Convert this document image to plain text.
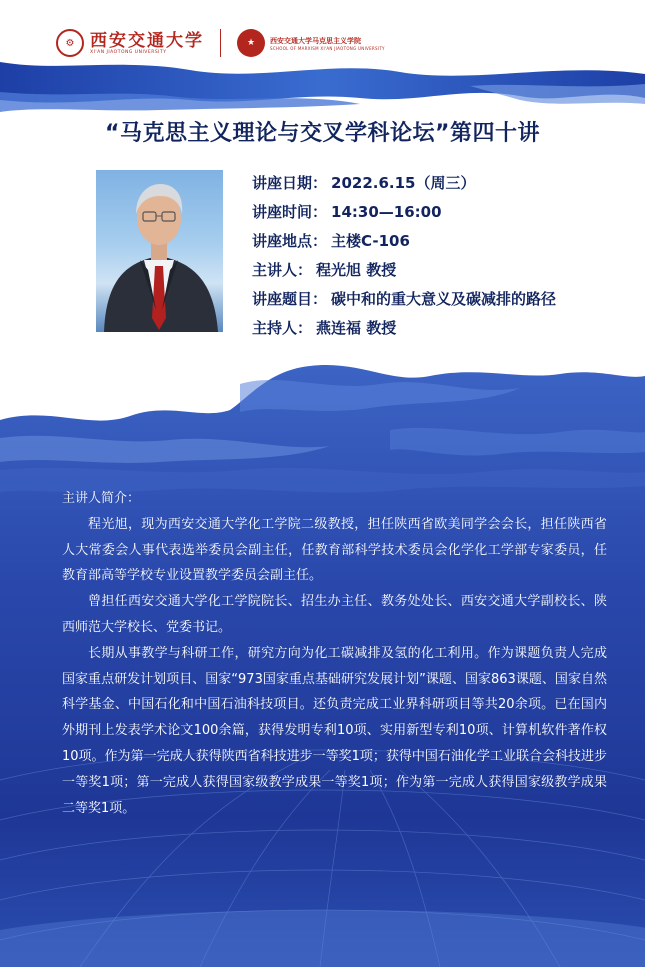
⚙ 西安交通大学
XI'AN JIAOTONG UNIVERSITY
★	西安交通大学马克思主义学院
SCHOOL OF MARXISM XI'AN JIAOTONG UNIVERSITY
“马克思主义理论与交叉学科论坛”第四十讲
讲座日期： 2022.6.15（周三）
讲座时间： 14:30—16:00
讲座地点： 主楼C-106
主讲人： 程光旭 教授
讲座题目： 碳中和的重大意义及碳减排的路径
主持人： 燕连福 教授

主讲人简介：

程光旭，现为西安交通大学化工学院二级教授，担任陕西省欧美同学会会长，担任陕西省人大常委会人事代表选举委员会副主任，任教育部科学技术委员会化学化工学部专家委员，任教育部高等学校专业设置教学委员会副主任。

曾担任西安交通大学化工学院院长、招生办主任、教务处处长、西安交通大学副校长、陕西师范大学校长、党委书记。

长期从事教学与科研工作，研究方向为化工碳减排及氢的化工利用。作为课题负责人完成国家重点研发计划项目、国家“973国家重点基础研究发展计划”课题、国家863课题、国家自然科学基金、中国石化和中国石油科技项目。还负责完成工业界科研项目等共20余项。已在国内外期刊上发表学术论文100余篇，获得发明专利10项、实用新型专利10项、计算机软件著作权10项。作为第一完成人获得陕西省科技进步一等奖1项；获得中国石油化学工业联合会科技进步一等奖1项；第一完成人获得国家级教学成果一等奖1项；作为第一完成人获得国家级教学成果二等奖1项。
